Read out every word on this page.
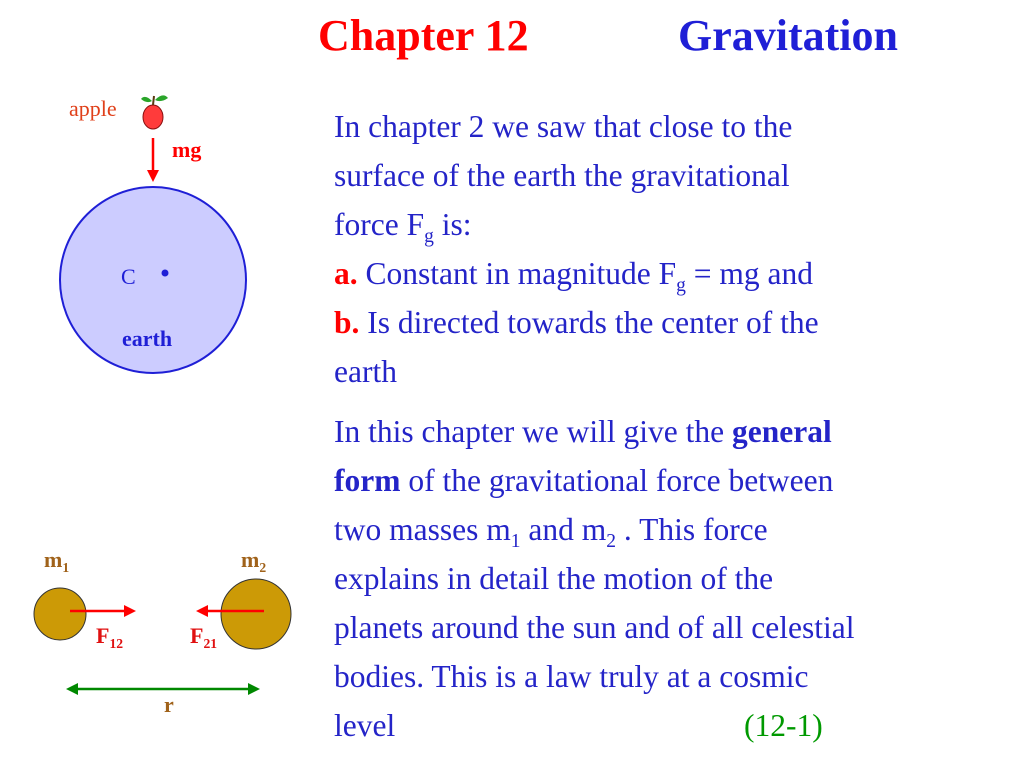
Chapter 12	Gravitation
apple
mg
C
earth
$m_1$	$m_2$
$F_{12}$	$F_{21}$
r
In chapter 2 we saw that close to the
surface of the earth the gravitational
force $F_g$ is:
a. Constant in magnitude $F_g$ = mg and
b. Is directed towards the center of the
earth
In this chapter we will give the general
form of the gravitational force between
two masses $m_1$ and $m_2$ . This force
explains in detail the motion of the
planets around the sun and of all celestial
bodies. This is a law truly at a cosmic
level	(12-1)
